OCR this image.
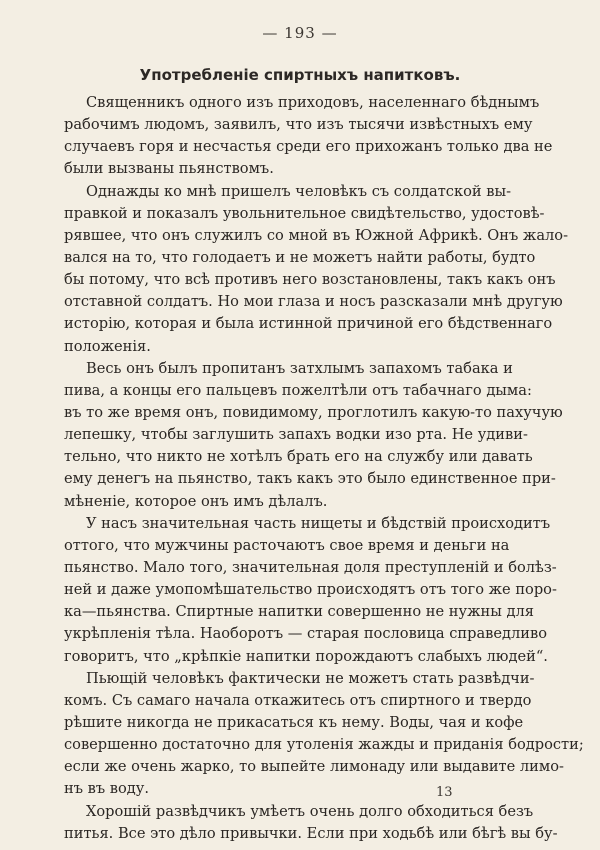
— 193 —
Употребленіе спиртныхъ напитковъ.
Священникъ одного изъ приходовъ, населеннаго бѣднымъ
рабочимъ людомъ, заявилъ, что изъ тысячи извѣстныхъ ему
случаевъ горя и несчастья среди его прихожанъ только два не
были вызваны пьянствомъ.
Однажды ко мнѣ пришелъ человѣкъ съ солдатской вы-
правкой и показалъ увольнительное свидѣтельство, удостовѣ-
рявшее, что онъ служилъ со мной въ Южной Африкѣ. Онъ жало-
вался на то, что голодаетъ и не можетъ найти работы, будто
бы потому, что всѣ противъ него возстановлены, такъ какъ онъ
отставной солдатъ. Но мои глаза и носъ разсказали мнѣ другую
исторію, которая и была истинной причиной его бѣдственнаго
положенія.
Весь онъ былъ пропитанъ затхлымъ запахомъ табака и
пива, а концы его пальцевъ пожелтѣли отъ табачнаго дыма:
въ то же время онъ, повидимому, проглотилъ какую-то пахучую
лепешку, чтобы заглушить запахъ водки изо рта. Не удиви-
тельно, что никто не хотѣлъ брать его на службу или давать
ему денегъ на пьянство, такъ какъ это было единственное при-
мѣненіе, которое онъ имъ дѣлалъ.
У насъ значительная часть нищеты и бѣдствій происходитъ
оттого, что мужчины расточаютъ свое время и деньги на
пьянство. Мало того, значительная доля преступленій и болѣз-
ней и даже умопомѣшательство происходятъ отъ того же поро-
ка—пьянства. Спиртные напитки совершенно не нужны для
укрѣпленія тѣла. Наоборотъ — старая пословица справедливо
говоритъ, что „крѣпкіе напитки порождаютъ слабыхъ людей“.
Пьющій человѣкъ фактически не можетъ стать развѣдчи-
комъ. Съ самаго начала откажитесь отъ спиртного и твердо
рѣшите никогда не прикасаться къ нему. Воды, чая и кофе
совершенно достаточно для утоленія жажды и приданія бодрости;
если же очень жарко, то выпейте лимонаду или выдавите лимо-
нъ въ воду.
Хорошій развѣдчикъ умѣетъ очень долго обходиться безъ
питья. Все это дѣло привычки. Если при ходьбѣ или бѣгѣ вы бу-
13
